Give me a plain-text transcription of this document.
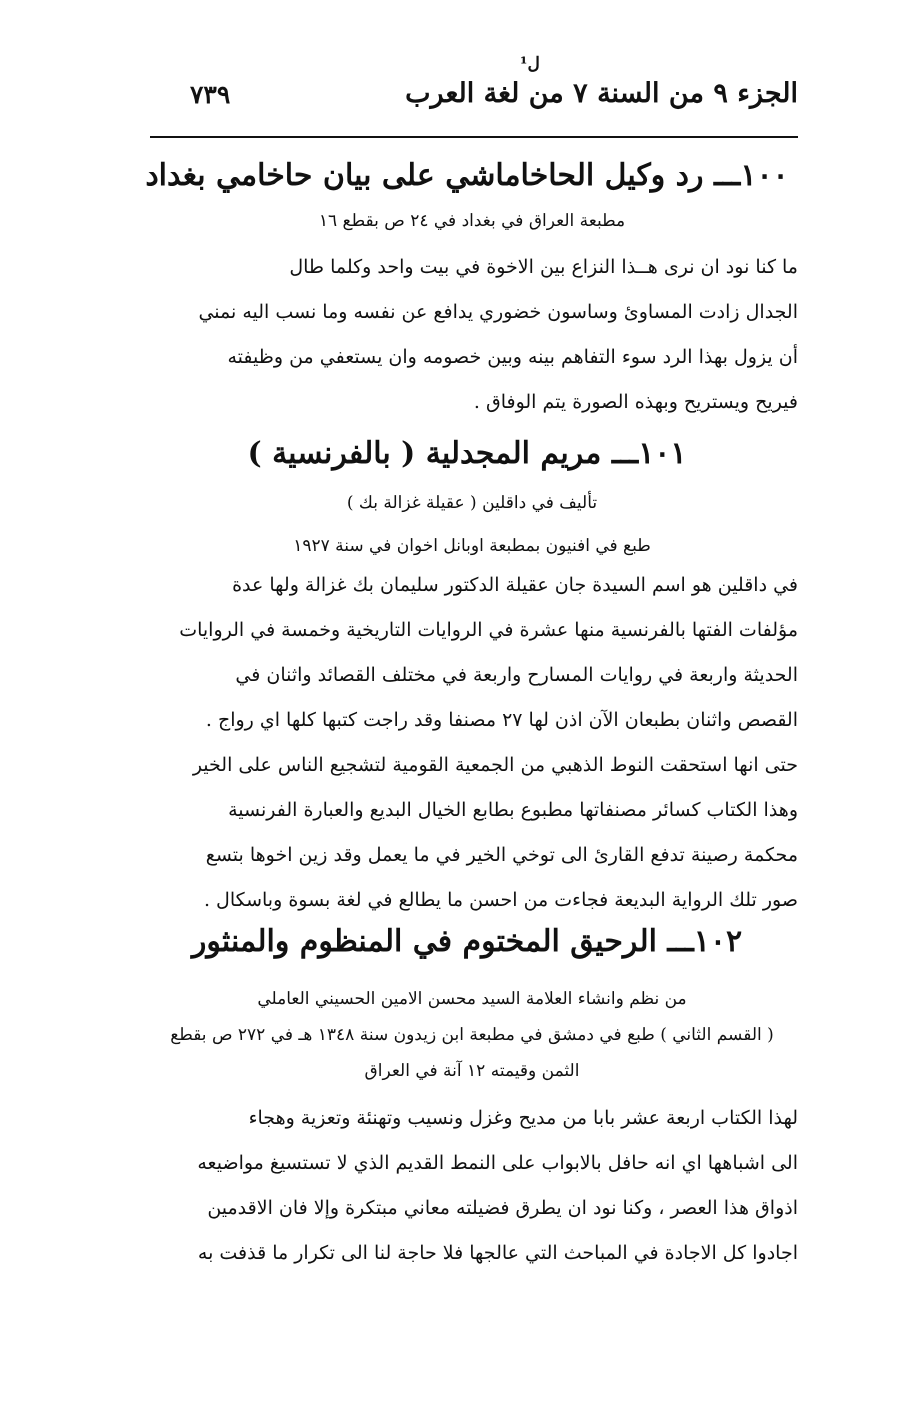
ل¹
الجزء ٩ من السنة ٧ من لغة العرب
٧٣٩
١٠٠ـــ رد وكيل الحاخاماشي على بيان حاخامي بغداد
مطبعة العراق في بغداد في ٢٤ ص بقطع ١٦

ما كنا نود ان نرى هــذا النزاع بين الاخوة في بيت واحد وكلما طال

الجدال زادت المساوئ وساسون خضوري يدافع عن نفسه وما نسب اليه نمني

أن يزول بهذا الرد سوء التفاهم بينه وبين خصومه وان يستعفي من وظيفته

فيريح ويستريح وبهذه الصورة يتم الوفاق .

١٠١ـــ مريم المجدلية ( بالفرنسية )
تأليف في داقلين ( عقيلة غزالة بك )
طبع في افنيون بمطبعة اوبانل اخوان في سنة ١٩٢٧

في داقلين هو اسم السيدة جان عقيلة الدكتور سليمان بك غزالة ولها عدة

مؤلفات الفتها بالفرنسية منها عشرة في الروايات التاريخية وخمسة في الروايات

الحديثة واربعة في روايات المسارح واربعة في مختلف القصائد واثنان في

القصص واثنان بطبعان الآن اذن لها ٢٧ مصنفا وقد راجت كتبها كلها اي رواج .

حتى انها استحقت النوط الذهبي من الجمعية القومية لتشجيع الناس على الخير

وهذا الكتاب كسائر مصنفاتها مطبوع بطابع الخيال البديع والعبارة الفرنسية

محكمة رصينة تدفع القارئ الى توخي الخير في ما يعمل وقد زين اخوها بتسع

صور تلك الرواية البديعة فجاءت من احسن ما يطالع في لغة بسوة وباسكال .

١٠٢ـــ الرحيق المختوم في المنظوم والمنثور
من نظم وانشاء العلامة السيد محسن الامين الحسيني العاملي
( القسم الثاني ) طبع في دمشق في مطبعة ابن زيدون سنة ١٣٤٨ هـ في ٢٧٢ ص بقطع
الثمن وقيمته ١٢ آنة في العراق

لهذا الكتاب اربعة عشر بابا من مديح وغزل ونسيب وتهنئة وتعزية وهجاء

الى اشباهها اي انه حافل بالابواب على النمط القديم الذي لا تستسيغ مواضيعه

اذواق هذا العصر ، وكنا نود ان يطرق فضيلته معاني مبتكرة وإلا فان الاقدمين

اجادوا كل الاجادة في المباحث التي عالجها فلا حاجة لنا الى تكرار ما قذفت به
